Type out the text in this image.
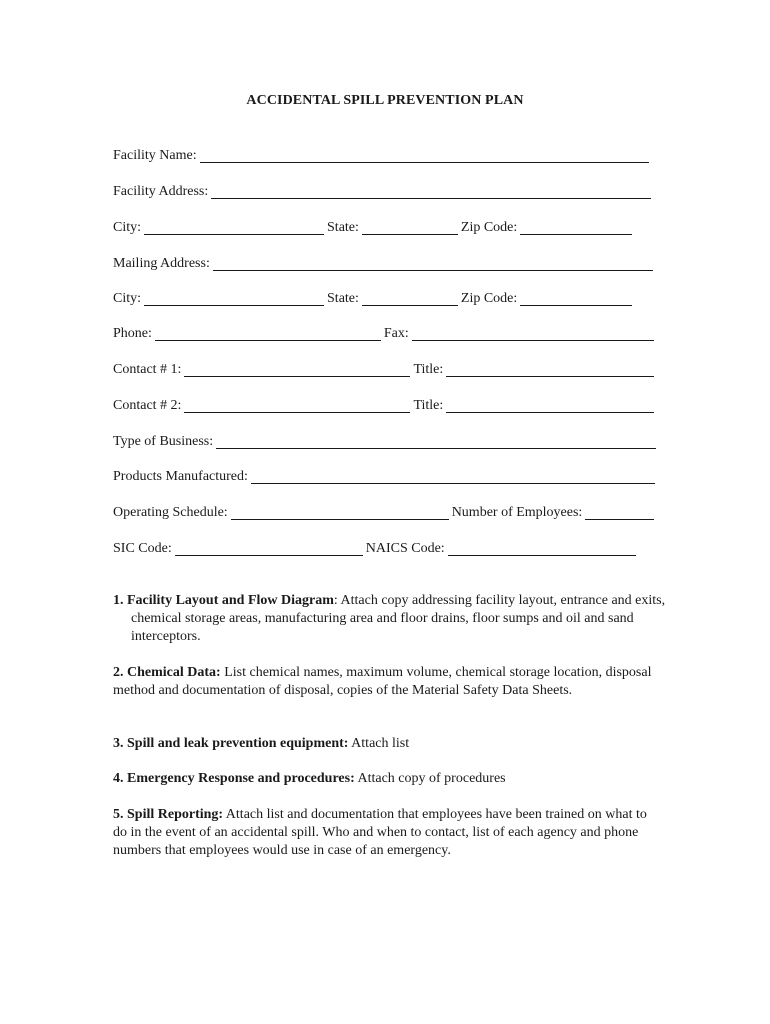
ACCIDENTAL SPILL PREVENTION PLAN
Facility Name:
Facility Address:
City:	State:	Zip Code:
Mailing Address:
City:	State:	Zip Code:
Phone:	Fax:
Contact # 1:	Title:
Contact # 2:	Title:
Type of Business:
Products Manufactured:
Operating Schedule:	Number of Employees:
SIC Code:	NAICS Code:
1. Facility Layout and Flow Diagram: Attach copy addressing facility layout, entrance and exits, chemical storage areas, manufacturing area and floor drains, floor sumps and oil and sand interceptors.
2. Chemical Data: List chemical names, maximum volume, chemical storage location, disposal method and documentation of disposal, copies of the Material Safety Data Sheets.
3. Spill and leak prevention equipment: Attach list
4. Emergency Response and procedures: Attach copy of procedures
5. Spill Reporting: Attach list and documentation that employees have been trained on what to do in the event of an accidental spill. Who and when to contact, list of each agency and phone numbers that employees would use in case of an emergency.
